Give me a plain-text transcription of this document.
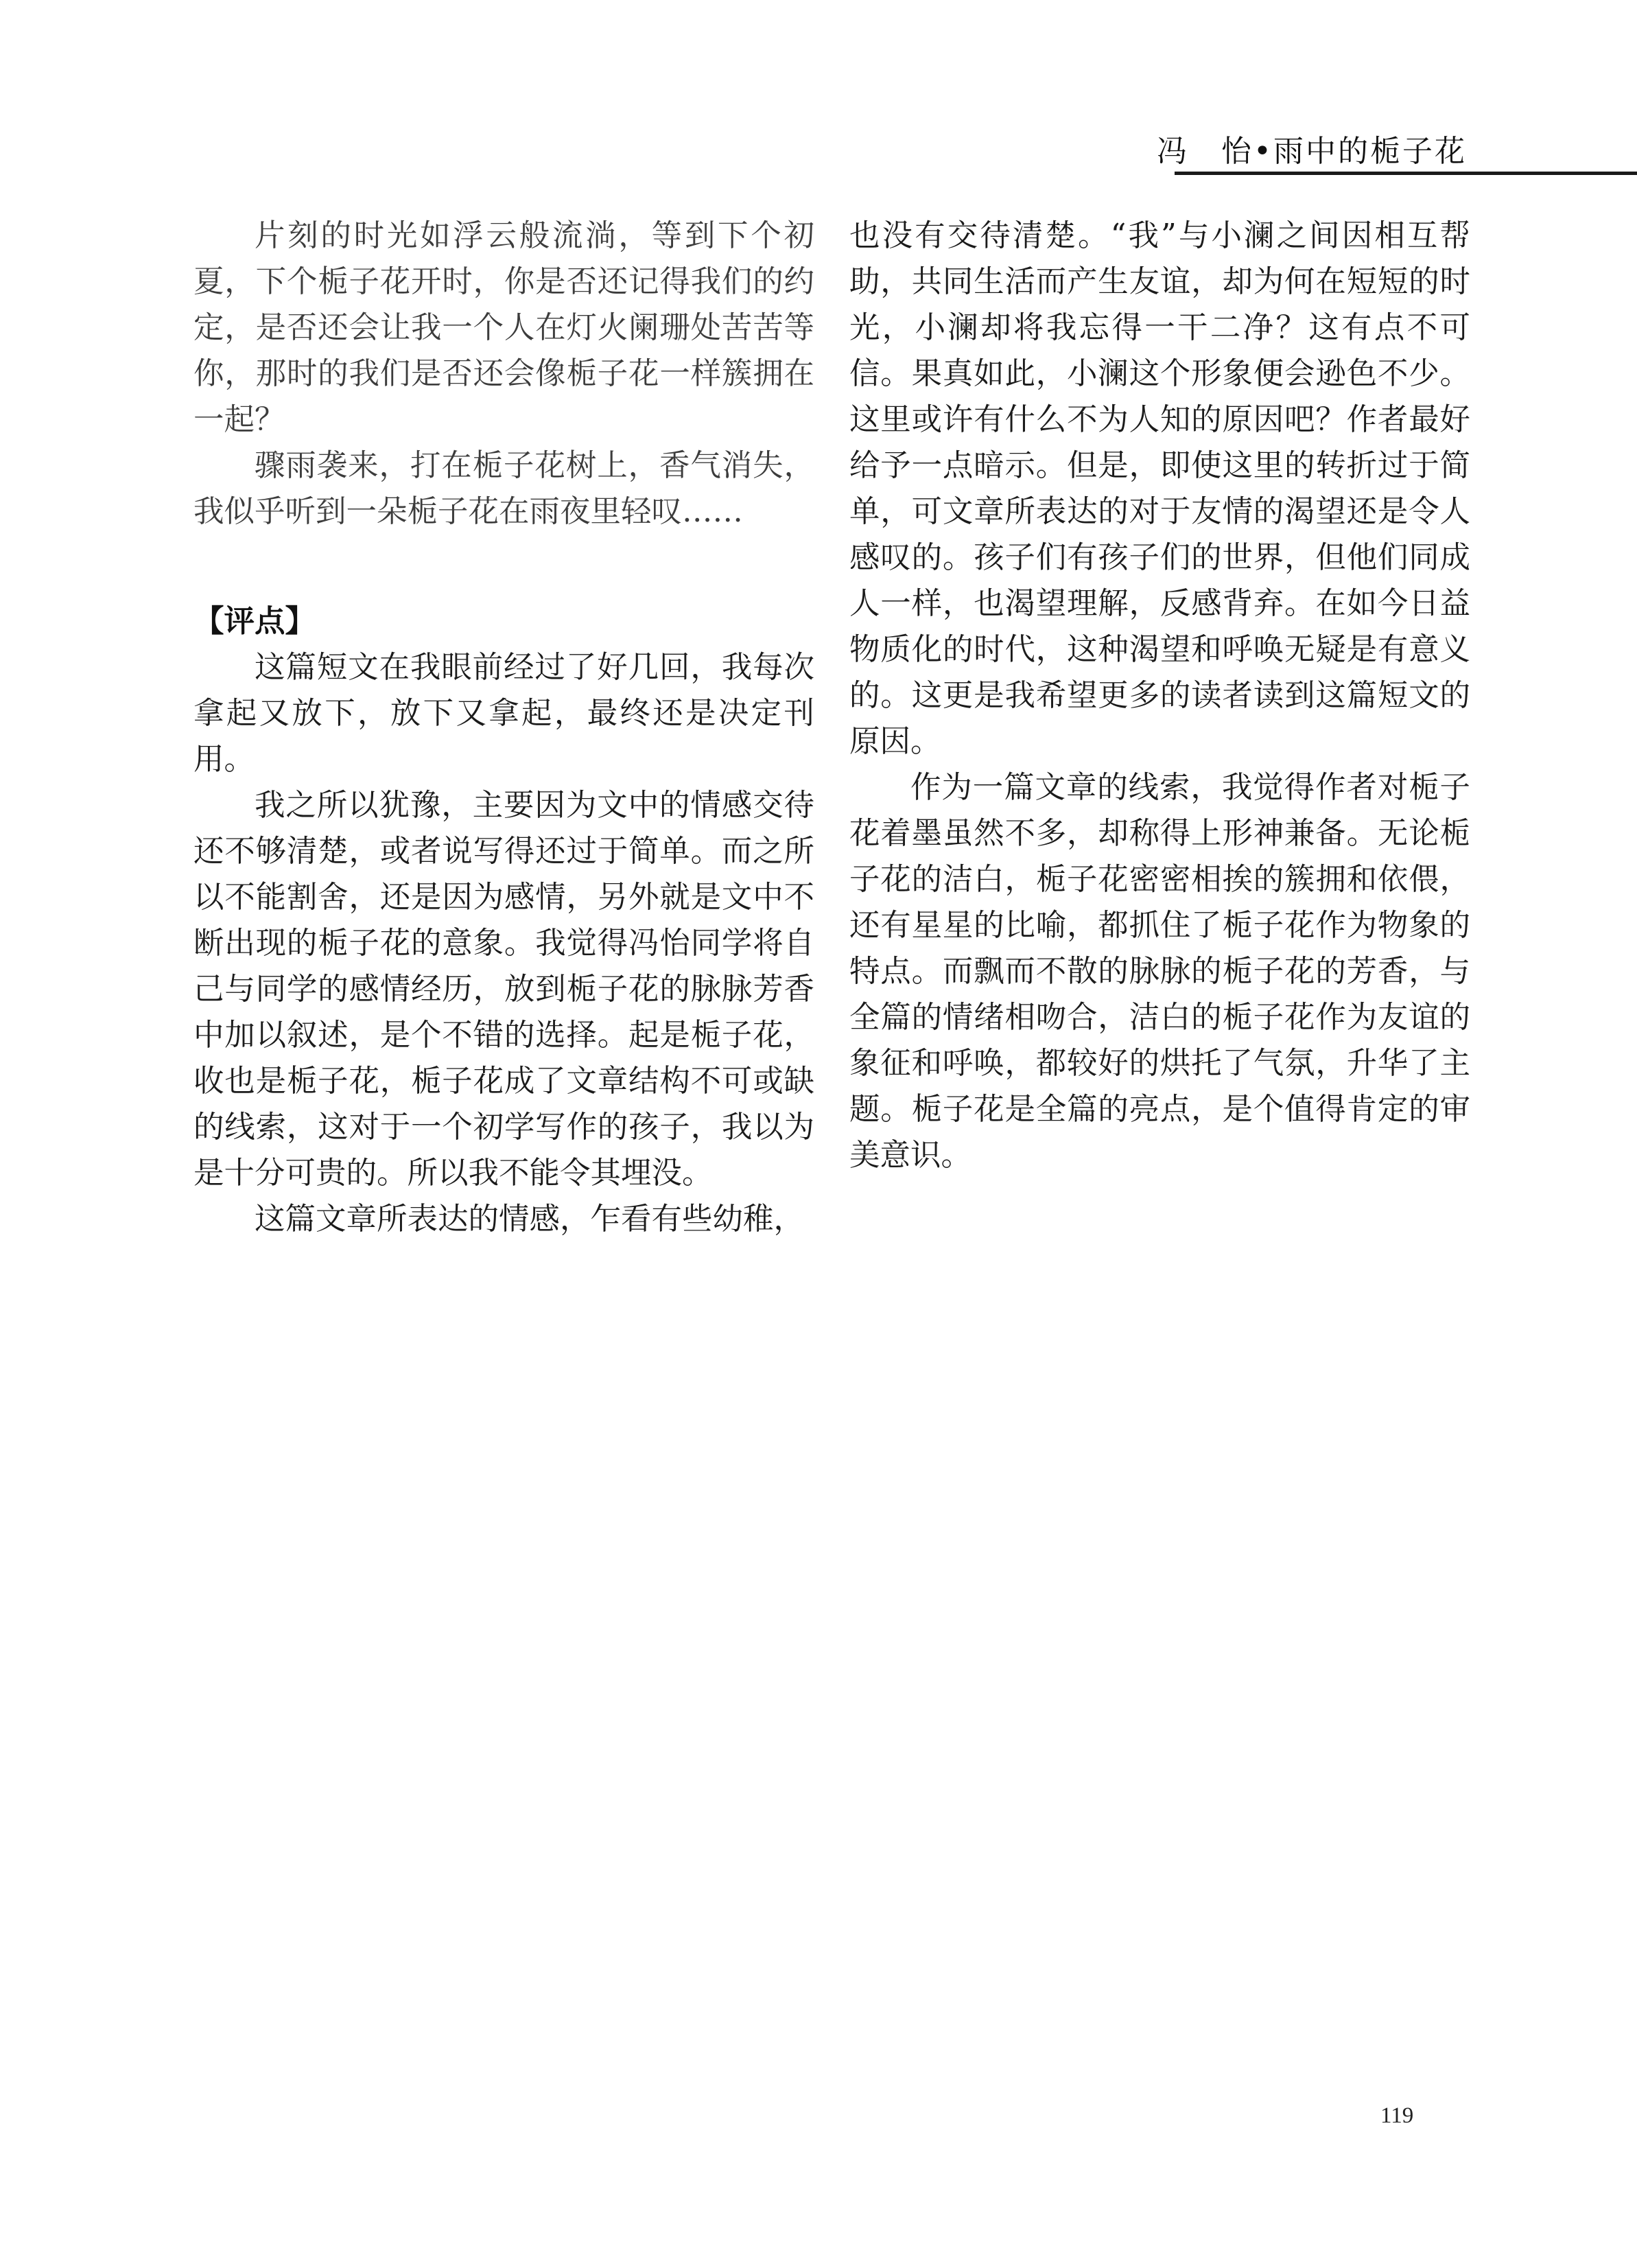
冯　怡•雨中的栀子花

片刻的时光如浮云般流淌，等到下个初夏，下个栀子花开时，你是否还记得我们的约定，是否还会让我一个人在灯火阑珊处苦苦等你，那时的我们是否还会像栀子花一样簇拥在一起？

骤雨袭来，打在栀子花树上，香气消失，我似乎听到一朵栀子花在雨夜里轻叹……

【评点】

这篇短文在我眼前经过了好几回，我每次拿起又放下，放下又拿起，最终还是决定刊用。

我之所以犹豫，主要因为文中的情感交待还不够清楚，或者说写得还过于简单。而之所以不能割舍，还是因为感情，另外就是文中不断出现的栀子花的意象。我觉得冯怡同学将自己与同学的感情经历，放到栀子花的脉脉芳香中加以叙述，是个不错的选择。起是栀子花，收也是栀子花，栀子花成了文章结构不可或缺的线索，这对于一个初学写作的孩子，我以为是十分可贵的。所以我不能令其埋没。

这篇文章所表达的情感，乍看有些幼稚，

也没有交待清楚。“我”与小澜之间因相互帮助，共同生活而产生友谊，却为何在短短的时光，小澜却将我忘得一干二净？这有点不可信。果真如此，小澜这个形象便会逊色不少。这里或许有什么不为人知的原因吧？作者最好给予一点暗示。但是，即使这里的转折过于简单，可文章所表达的对于友情的渴望还是令人感叹的。孩子们有孩子们的世界，但他们同成人一样，也渴望理解，反感背弃。在如今日益物质化的时代，这种渴望和呼唤无疑是有意义的。这更是我希望更多的读者读到这篇短文的原因。

作为一篇文章的线索，我觉得作者对栀子花着墨虽然不多，却称得上形神兼备。无论栀子花的洁白，栀子花密密相挨的簇拥和依偎，还有星星的比喻，都抓住了栀子花作为物象的特点。而飘而不散的脉脉的栀子花的芳香，与全篇的情绪相吻合，洁白的栀子花作为友谊的象征和呼唤，都较好的烘托了气氛，升华了主题。栀子花是全篇的亮点，是个值得肯定的审美意识。

119
